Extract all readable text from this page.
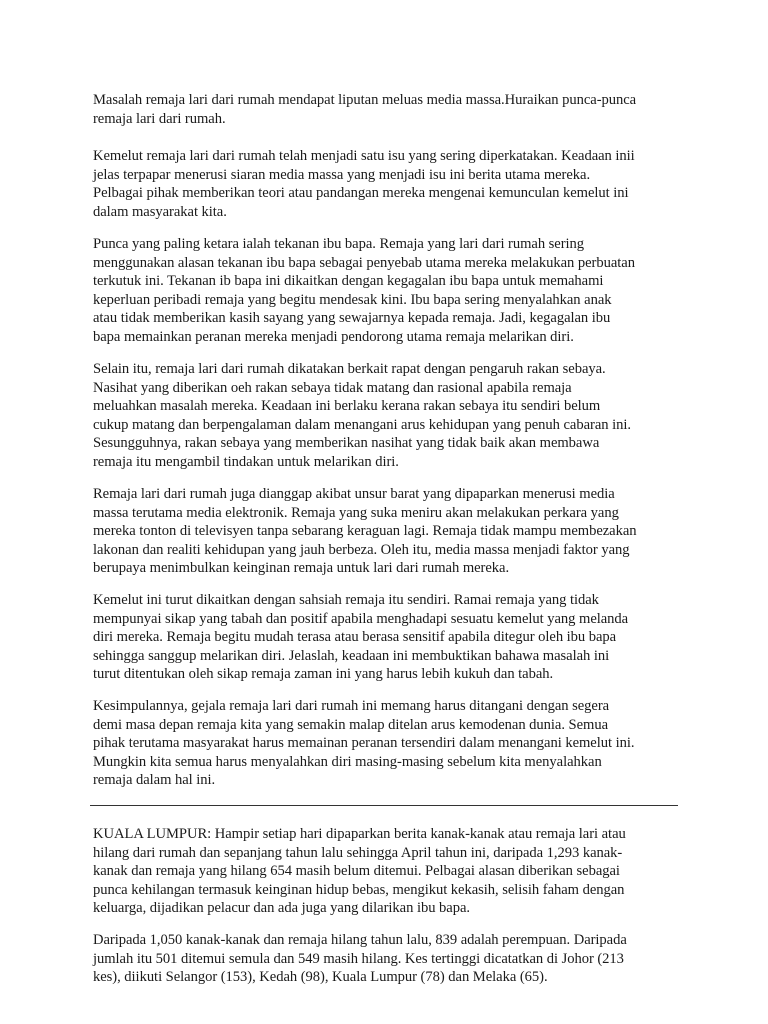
Masalah remaja lari dari rumah mendapat liputan meluas media massa.Huraikan punca-punca
remaja lari dari rumah.

Kemelut remaja lari dari rumah telah menjadi satu isu yang sering diperkatakan. Keadaan inii
jelas terpapar menerusi siaran media massa yang menjadi isu ini berita utama mereka.
Pelbagai pihak memberikan teori atau pandangan mereka mengenai kemunculan kemelut ini
dalam masyarakat kita.

Punca yang paling ketara ialah tekanan ibu bapa. Remaja yang lari dari rumah sering
menggunakan alasan tekanan ibu bapa sebagai penyebab utama mereka melakukan perbuatan
terkutuk ini. Tekanan ib bapa ini dikaitkan dengan kegagalan ibu bapa untuk memahami
keperluan peribadi remaja yang begitu mendesak kini. Ibu bapa sering menyalahkan anak
atau tidak memberikan kasih sayang yang sewajarnya kepada remaja. Jadi, kegagalan ibu
bapa memainkan peranan mereka menjadi pendorong utama remaja melarikan diri.

Selain itu, remaja lari dari rumah dikatakan berkait rapat dengan pengaruh rakan sebaya.
Nasihat yang diberikan oeh rakan sebaya tidak matang dan rasional apabila remaja
meluahkan masalah mereka. Keadaan ini berlaku kerana rakan sebaya itu sendiri belum
cukup matang dan berpengalaman dalam menangani arus kehidupan yang penuh cabaran ini.
Sesungguhnya, rakan sebaya yang memberikan nasihat yang tidak baik akan membawa
remaja itu mengambil tindakan untuk melarikan diri.

Remaja lari dari rumah juga dianggap akibat unsur barat yang dipaparkan menerusi media
massa terutama media elektronik. Remaja yang suka meniru akan melakukan perkara yang
mereka tonton di televisyen tanpa sebarang keraguan lagi. Remaja tidak mampu membezakan
lakonan dan realiti kehidupan yang jauh berbeza. Oleh itu, media massa menjadi faktor yang
berupaya menimbulkan keinginan remaja untuk lari dari rumah mereka.

Kemelut ini turut dikaitkan dengan sahsiah remaja itu sendiri. Ramai remaja yang tidak
mempunyai sikap yang tabah dan positif apabila menghadapi sesuatu kemelut yang melanda
diri mereka. Remaja begitu mudah terasa atau berasa sensitif apabila ditegur oleh ibu bapa
sehingga sanggup melarikan diri. Jelaslah, keadaan ini membuktikan bahawa masalah ini
turut ditentukan oleh sikap remaja zaman ini yang harus lebih kukuh dan tabah.

Kesimpulannya, gejala remaja lari dari rumah ini memang harus ditangani dengan segera
demi masa depan remaja kita yang semakin malap ditelan arus kemodenan dunia. Semua
pihak terutama masyarakat harus memainan peranan tersendiri dalam menangani kemelut ini.
Mungkin kita semua harus menyalahkan diri masing-masing sebelum kita menyalahkan
remaja dalam hal ini.

KUALA LUMPUR: Hampir setiap hari dipaparkan berita kanak-kanak atau remaja lari atau
hilang dari rumah dan sepanjang tahun lalu sehingga April tahun ini, daripada 1,293 kanak-
kanak dan remaja yang hilang 654 masih belum ditemui. Pelbagai alasan diberikan sebagai
punca kehilangan termasuk keinginan hidup bebas, mengikut kekasih, selisih faham dengan
keluarga, dijadikan pelacur dan ada juga yang dilarikan ibu bapa.

Daripada 1,050 kanak-kanak dan remaja hilang tahun lalu, 839 adalah perempuan. Daripada
jumlah itu 501 ditemui semula dan 549 masih hilang. Kes tertinggi dicatatkan di Johor (213
kes), diikuti Selangor (153), Kedah (98), Kuala Lumpur (78) dan Melaka (65).
